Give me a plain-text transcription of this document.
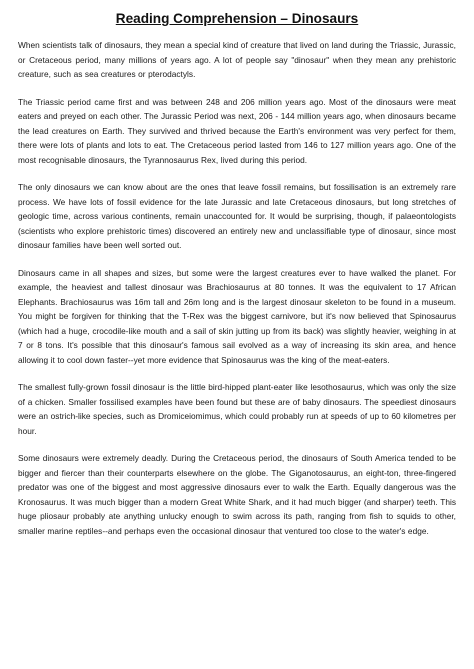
Reading Comprehension – Dinosaurs

When scientists talk of dinosaurs, they mean a special kind of creature that lived on land during the Triassic, Jurassic, or Cretaceous period, many millions of years ago. A lot of people say "dinosaur" when they mean any prehistoric creature, such as sea creatures or pterodactyls.

The Triassic period came first and was between 248 and 206 million years ago. Most of the dinosaurs were meat eaters and preyed on each other. The Jurassic Period was next, 206 - 144 million years ago, when dinosaurs became the lead creatures on Earth. They survived and thrived because the Earth's environment was very perfect for them, there were lots of plants and lots to eat. The Cretaceous period lasted from 146 to 127 million years ago. One of the most recognisable dinosaurs, the Tyrannosaurus Rex, lived during this period.

The only dinosaurs we can know about are the ones that leave fossil remains, but fossilisation is an extremely rare process. We have lots of fossil evidence for the late Jurassic and late Cretaceous dinosaurs, but long stretches of geologic time, across various continents, remain unaccounted for. It would be surprising, though, if palaeontologists (scientists who explore prehistoric times) discovered an entirely new and unclassifiable type of dinosaur, since most dinosaur families have been well sorted out.

Dinosaurs came in all shapes and sizes, but some were the largest creatures ever to have walked the planet. For example, the heaviest and tallest dinosaur was Brachiosaurus at 80 tonnes. It was the equivalent to 17 African Elephants. Brachiosaurus was 16m tall and 26m long and is the largest dinosaur skeleton to be found in a museum. You might be forgiven for thinking that the T-Rex was the biggest carnivore, but it's now believed that Spinosaurus (which had a huge, crocodile-like mouth and a sail of skin jutting up from its back) was slightly heavier, weighing in at 7 or 8 tons. It's possible that this dinosaur's famous sail evolved as a way of increasing its skin area, and hence allowing it to cool down faster--yet more evidence that Spinosaurus was the king of the meat-eaters.

The smallest fully-grown fossil dinosaur is the little bird-hipped plant-eater like lesothosaurus, which was only the size of a chicken. Smaller fossilised examples have been found but these are of baby dinosaurs. The speediest dinosaurs were an ostrich-like species, such as Dromiceiomimus, which could probably run at speeds of up to 60 kilometres per hour.

Some dinosaurs were extremely deadly. During the Cretaceous period, the dinosaurs of South America tended to be bigger and fiercer than their counterparts elsewhere on the globe. The Giganotosaurus, an eight-ton, three-fingered predator was one of the biggest and most aggressive dinosaurs ever to walk the Earth. Equally dangerous was the Kronosaurus. It was much bigger than a modern Great White Shark, and it had much bigger (and sharper) teeth. This huge pliosaur probably ate anything unlucky enough to swim across its path, ranging from fish to squids to other, smaller marine reptiles--and perhaps even the occasional dinosaur that ventured too close to the water's edge.
